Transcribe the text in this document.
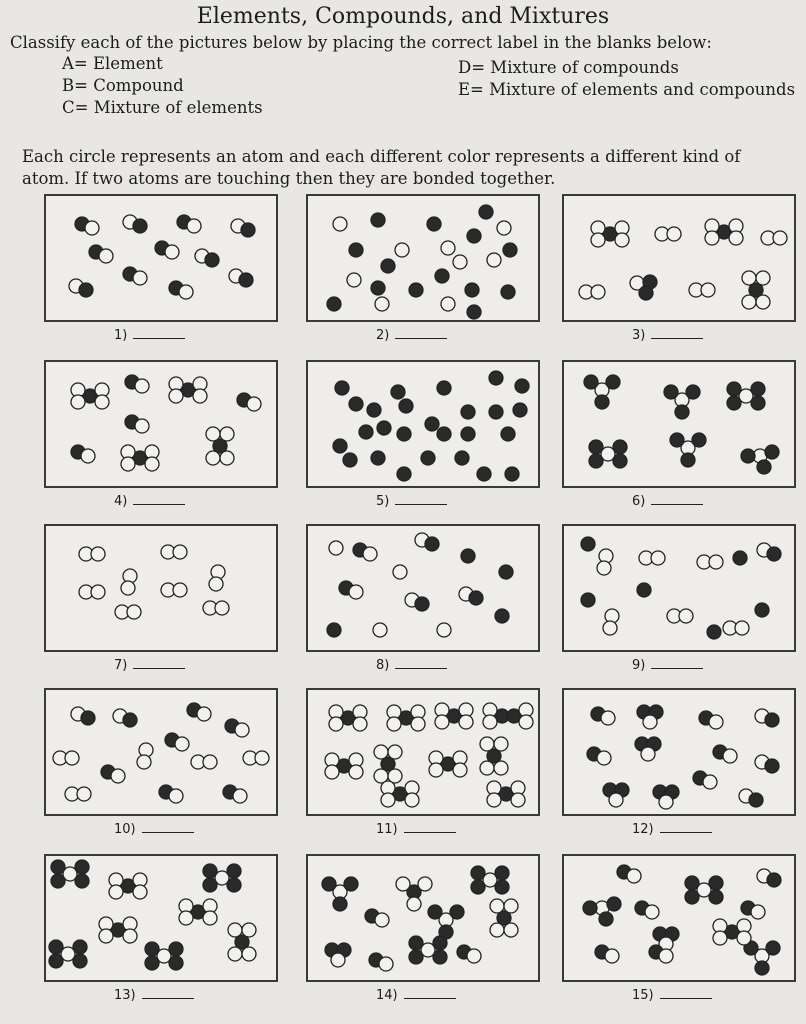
Elements, Compounds, and Mixtures
Classify each of the pictures below by placing the correct label in the blanks below:
A= Element
B= Compound
C= Mixture of elements
D= Mixture of compounds
E= Mixture of elements and compounds
Each circle represents an atom and each different color represents a different kind of
atom. If two atoms are touching then they are bonded together.
1)	2)	3)
4)	5)	6)
7)	8)	9)
10)	11)	12)
13)	14)	15)
